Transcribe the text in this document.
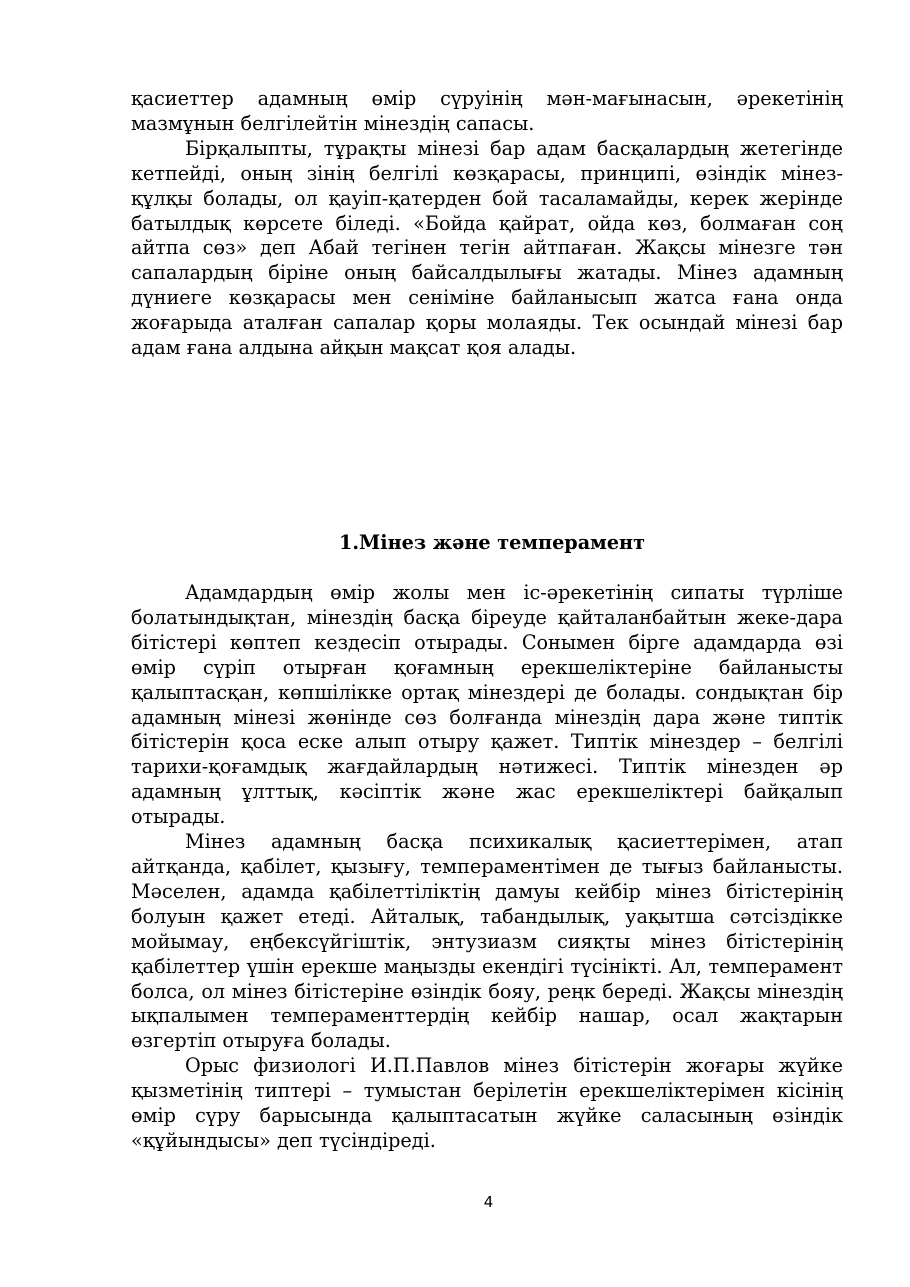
қасиеттер адамның өмір сүруінің мән-мағынасын, әрекетінің мазмұнын белгілейтін мінездің сапасы.

Бірқалыпты, тұрақты мінезі бар адам басқалардың жетегінде кетпейді, оның зінің белгілі көзқарасы, принципі, өзіндік мінез-құлқы болады, ол қауіп-қатерден бой тасаламайды, керек жерінде батылдық көрсете біледі. «Бойда қайрат, ойда көз, болмаған соң айтпа сөз» деп Абай тегінен тегін айтпаған. Жақсы мінезге тән сапалардың біріне оның байсалдылығы жатады. Мінез адамның дүниеге көзқарасы мен сеніміне байланысып жатса ғана онда жоғарыда аталған сапалар қоры молаяды. Тек осындай мінезі бар адам ғана алдына айқын мақсат қоя алады.

1.Мінез және темперамент

Адамдардың өмір жолы мен іс-әрекетінің сипаты түрліше болатындықтан, мінездің басқа біреуде қайталанбайтын жеке-дара бітістері көптеп кездесіп отырады. Сонымен бірге адамдарда өзі өмір сүріп отырған қоғамның ерекшеліктеріне байланысты қалыптасқан, көпшілікке ортақ мінездері де болады. сондықтан бір адамның мінезі жөнінде сөз болғанда мінездің дара және типтік бітістерін қоса еске алып отыру қажет. Типтік мінездер – белгілі тарихи-қоғамдық жағдайлардың нәтижесі. Типтік мінезден әр адамның ұлттық, кәсіптік және жас ерекшеліктері байқалып отырады.

Мінез адамның басқа психикалық қасиеттерімен, атап айтқанда, қабілет, қызығу, темпераментімен де тығыз байланысты. Мәселен, адамда қабілеттіліктің дамуы кейбір мінез бітістерінің болуын қажет етеді. Айталық, табандылық, уақытша сәтсіздікке мойымау, еңбексүйгіштік, энтузиазм сияқты мінез бітістерінің қабілеттер үшін ерекше маңызды екендігі түсінікті. Ал, темперамент болса, ол мінез бітістеріне өзіндік бояу, реңк береді. Жақсы мінездің ықпалымен темпераменттердің кейбір нашар, осал жақтарын өзгертіп отыруға болады.

Орыс физиологі И.П.Павлов мінез бітістерін жоғары жүйке қызметінің типтері – тумыстан берілетін ерекшеліктерімен кісінің өмір сүру барысында қалыптасатын жүйке саласының өзіндік «құйындысы» деп түсіндіреді.

4
